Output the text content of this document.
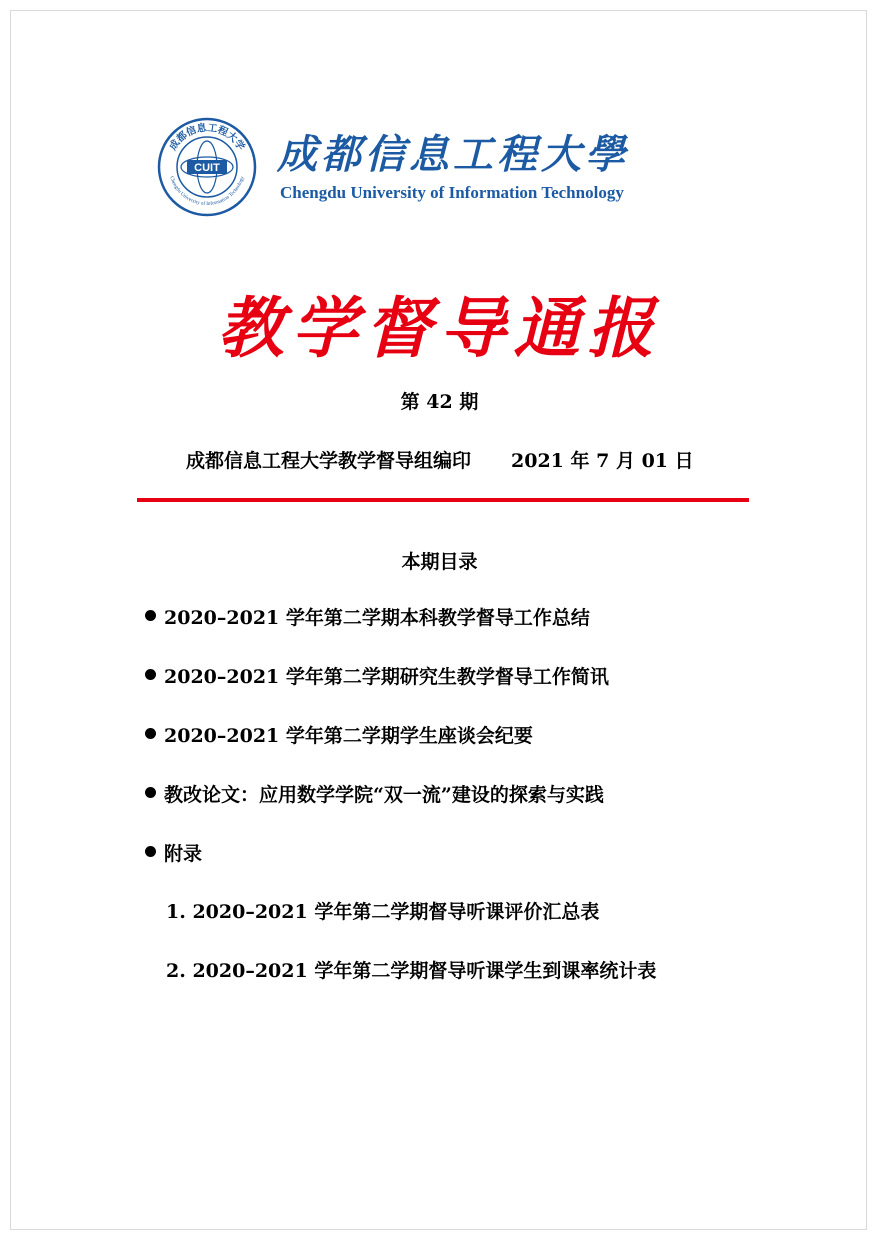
成都信息工程大学
Chengdu University of Information Technology
CUIT 成都信息工程大學
Chengdu University of Information Technology
教学督导通报
第 42 期
成都信息工程大学教学督导组编印 2021 年 7 月 01 日
本期目录
2020–2021 学年第二学期本科教学督导工作总结
2020–2021 学年第二学期研究生教学督导工作简讯
2020–2021 学年第二学期学生座谈会纪要
教改论文：应用数学学院“双一流”建设的探索与实践
附录
1. 2020–2021 学年第二学期督导听课评价汇总表
2. 2020–2021 学年第二学期督导听课学生到课率统计表
